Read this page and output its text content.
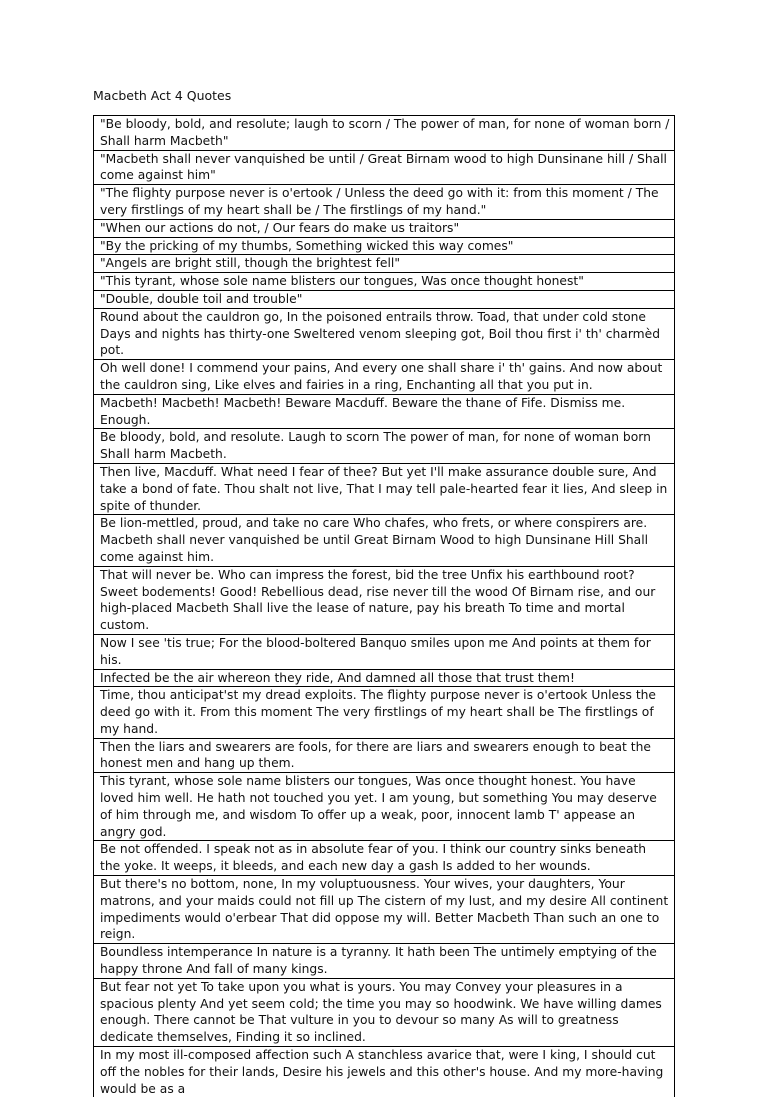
Macbeth Act 4 Quotes
"Be bloody, bold, and resolute; laugh to scorn / The power of man, for none of woman born / Shall harm Macbeth"
"Macbeth shall never vanquished be until / Great Birnam wood to high Dunsinane hill / Shall come against him"
"The flighty purpose never is o'ertook / Unless the deed go with it: from this moment / The very firstlings of my heart shall be / The firstlings of my hand."
"When our actions do not, / Our fears do make us traitors"
"By the pricking of my thumbs, Something wicked this way comes"
"Angels are bright still, though the brightest fell"
"This tyrant, whose sole name blisters our tongues, Was once thought honest"
"Double, double toil and trouble"
Round about the cauldron go, In the poisoned entrails throw. Toad, that under cold stone Days and nights has thirty-one Sweltered venom sleeping got, Boil thou first i' th' charmèd pot.
Oh well done! I commend your pains, And every one shall share i' th' gains. And now about the cauldron sing, Like elves and fairies in a ring, Enchanting all that you put in.
Macbeth! Macbeth! Macbeth! Beware Macduff. Beware the thane of Fife. Dismiss me. Enough.
Be bloody, bold, and resolute. Laugh to scorn The power of man, for none of woman born Shall harm Macbeth.
Then live, Macduff. What need I fear of thee? But yet I'll make assurance double sure, And take a bond of fate. Thou shalt not live, That I may tell pale-hearted fear it lies, And sleep in spite of thunder.
Be lion-mettled, proud, and take no care Who chafes, who frets, or where conspirers are. Macbeth shall never vanquished be until Great Birnam Wood to high Dunsinane Hill Shall come against him.
That will never be. Who can impress the forest, bid the tree Unfix his earthbound root? Sweet bodements! Good! Rebellious dead, rise never till the wood Of Birnam rise, and our high-placed Macbeth Shall live the lease of nature, pay his breath To time and mortal custom.
Now I see 'tis true; For the blood-boltered Banquo smiles upon me And points at them for his.
Infected be the air whereon they ride, And damned all those that trust them!
Time, thou anticipat'st my dread exploits. The flighty purpose never is o'ertook Unless the deed go with it. From this moment The very firstlings of my heart shall be The firstlings of my hand.
Then the liars and swearers are fools, for there are liars and swearers enough to beat the honest men and hang up them.
This tyrant, whose sole name blisters our tongues, Was once thought honest. You have loved him well. He hath not touched you yet. I am young, but something You may deserve of him through me, and wisdom To offer up a weak, poor, innocent lamb T' appease an angry god.
Be not offended. I speak not as in absolute fear of you. I think our country sinks beneath the yoke. It weeps, it bleeds, and each new day a gash Is added to her wounds.
But there's no bottom, none, In my voluptuousness. Your wives, your daughters, Your matrons, and your maids could not fill up The cistern of my lust, and my desire All continent impediments would o'erbear That did oppose my will. Better Macbeth Than such an one to reign.
Boundless intemperance In nature is a tyranny. It hath been The untimely emptying of the happy throne And fall of many kings.
But fear not yet To take upon you what is yours. You may Convey your pleasures in a spacious plenty And yet seem cold; the time you may so hoodwink. We have willing dames enough. There cannot be That vulture in you to devour so many As will to greatness dedicate themselves, Finding it so inclined.
In my most ill-composed affection such A stanchless avarice that, were I king, I should cut off the nobles for their lands, Desire his jewels and this other's house. And my more-having would be as a
